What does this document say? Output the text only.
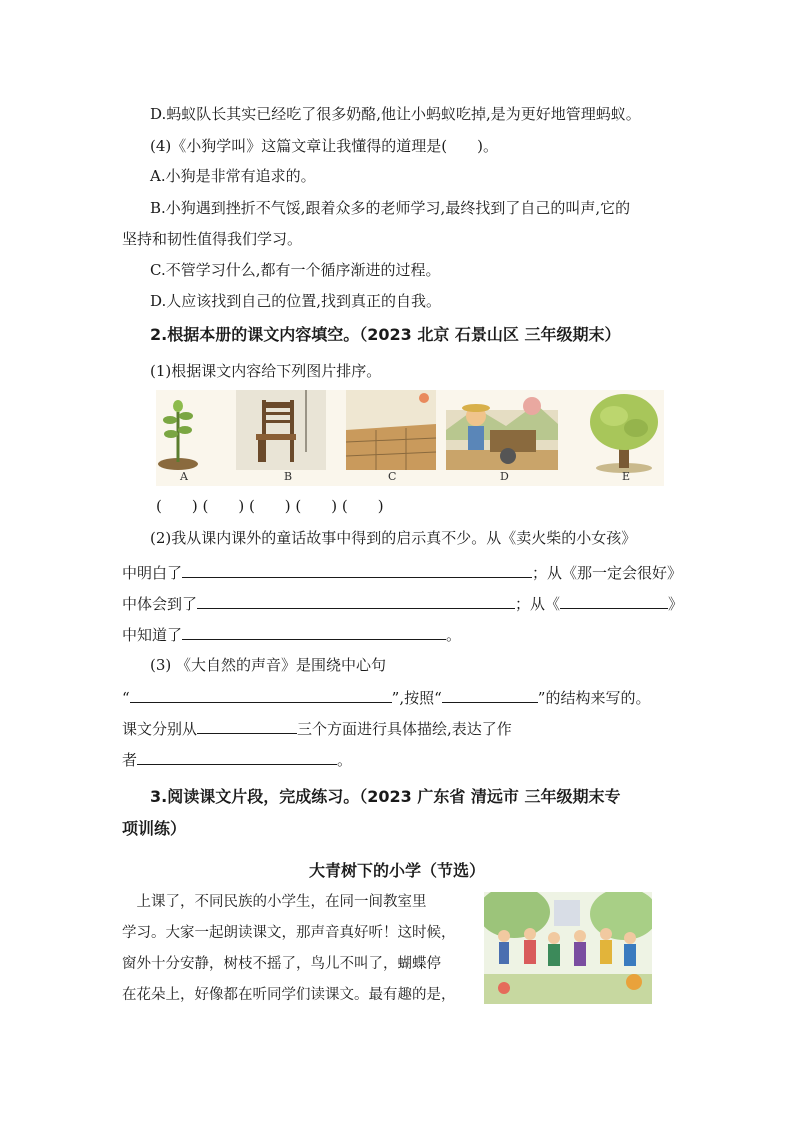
D.蚂蚁队长其实已经吃了很多奶酪,他让小蚂蚁吃掉,是为更好地管理蚂蚁。
(4)《小狗学叫》这篇文章让我懂得的道理是(　　)。
A.小狗是非常有追求的。
B.小狗遇到挫折不气馁,跟着众多的老师学习,最终找到了自己的叫声,它的
坚持和韧性值得我们学习。
C.不管学习什么,都有一个循序渐进的过程。
D.人应该找到自己的位置,找到真正的自我。
2.根据本册的课文内容填空。（2023 北京 石景山区 三年级期末）
(1)根据课文内容给下列图片排序。
A	B	C	D	E
(　　) (　　) (　　) (　　) (　　)
(2)我从课内课外的童话故事中得到的启示真不少。从《卖火柴的小女孩》
中明白了	；从《那一定会很好》
中体会到了	；从《	》
中知道了	。
(3) 《大自然的声音》是围绕中心句
“	”,按照“	”的结构来写的。
课文分别从	三个方面进行具体描绘,表达了作
者	。
3.阅读课文片段，完成练习。（2023 广东省 清远市 三年级期末专
项训练）
大青树下的小学（节选）
　上课了，不同民族的小学生，在同一间教室里
学习。大家一起朗读课文，那声音真好听！这时候，
窗外十分安静，树枝不摇了，鸟儿不叫了，蝴蝶停
在花朵上，好像都在听同学们读课文。最有趣的是，
